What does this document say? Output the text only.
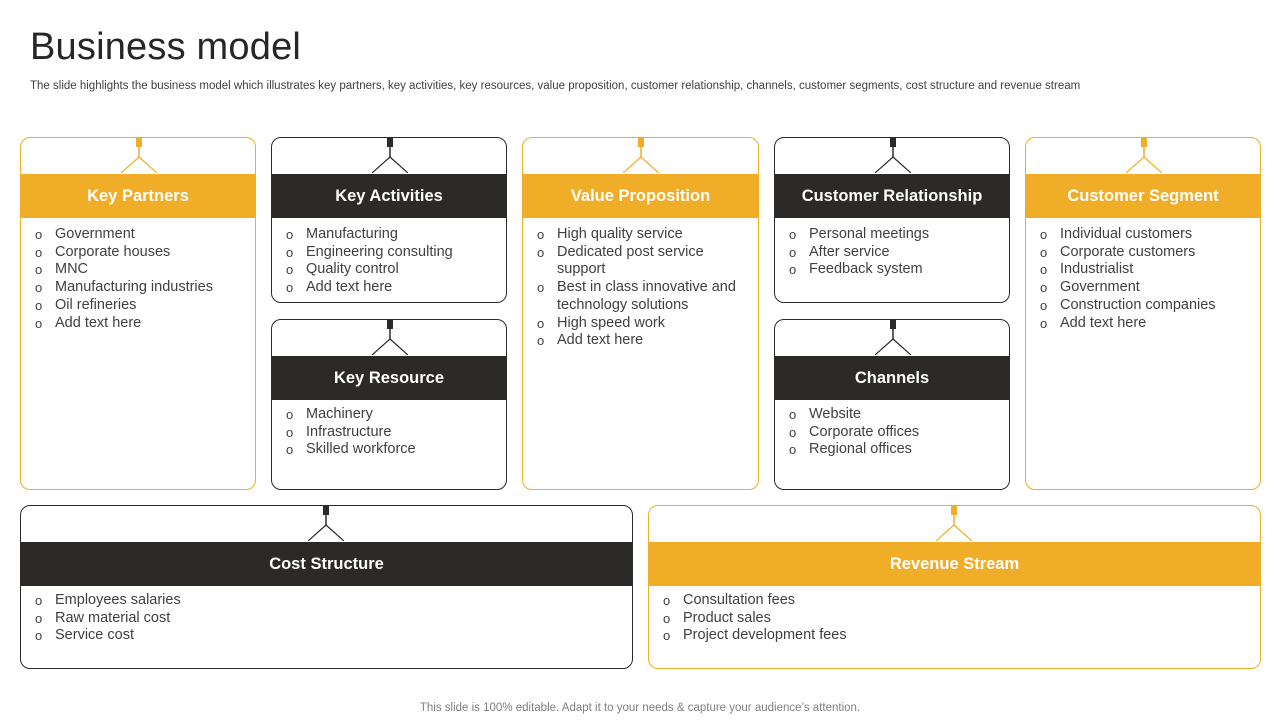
Business model
The slide highlights the business model which illustrates key partners, key activities, key resources, value proposition, customer relationship, channels, customer segments, cost structure and revenue stream
Key Partners
o Government
o Corporate houses
o MNC
o Manufacturing industries
o Oil refineries
o Add text here
Key Activities
o Manufacturing
o Engineering consulting
o Quality control
o Add text here
Key Resource
o Machinery
o Infrastructure
o Skilled workforce
Value Proposition
o High quality service
o Dedicated post service support
o Best in class innovative and technology solutions
o High speed work
o Add text here
Customer Relationship
o Personal meetings
o After service
o Feedback system
Channels
o Website
o Corporate offices
o Regional offices
Customer Segment
o Individual customers
o Corporate customers
o Industrialist
o Government
o Construction companies
o Add text here
Cost Structure
o Employees salaries
o Raw material cost
o Service cost
Revenue Stream
o Consultation fees
o Product sales
o Project development fees
This slide is 100% editable. Adapt it to your needs & capture your audience’s attention.
